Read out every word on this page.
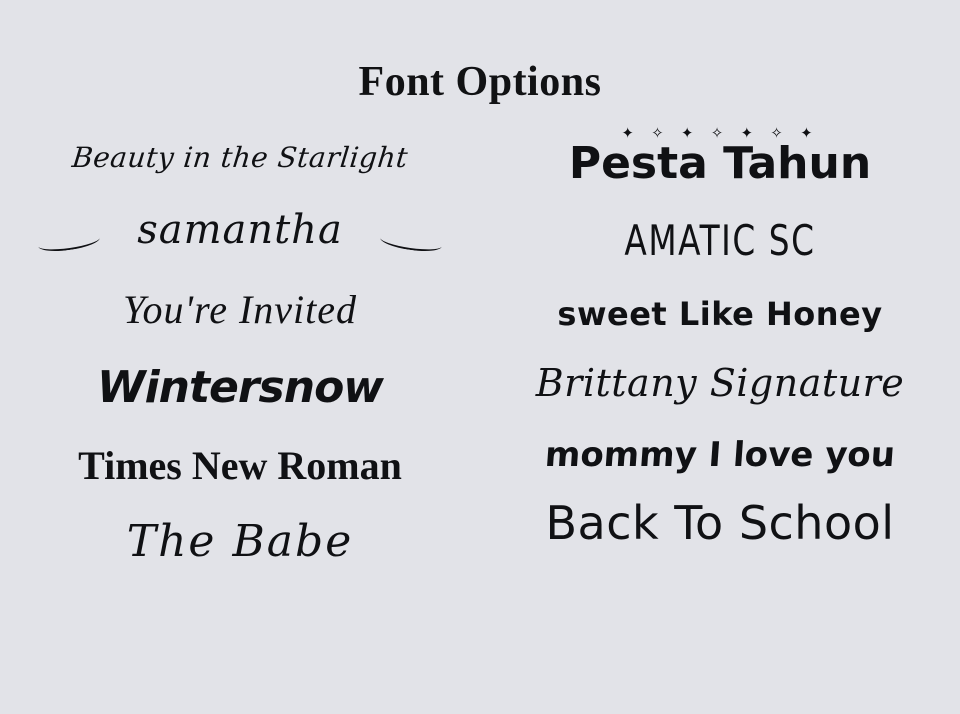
Font Options
Beauty in the Starlight
samantha
You're Invited
Wintersnow
Times New Roman
The Babe
✦ ✧ ✦ ✧ ✦ ✧ ✦
Pesta Tahun
AMATIC SC
sweet Like Honey
Brittany Signature
mommy I love you
Back To School
